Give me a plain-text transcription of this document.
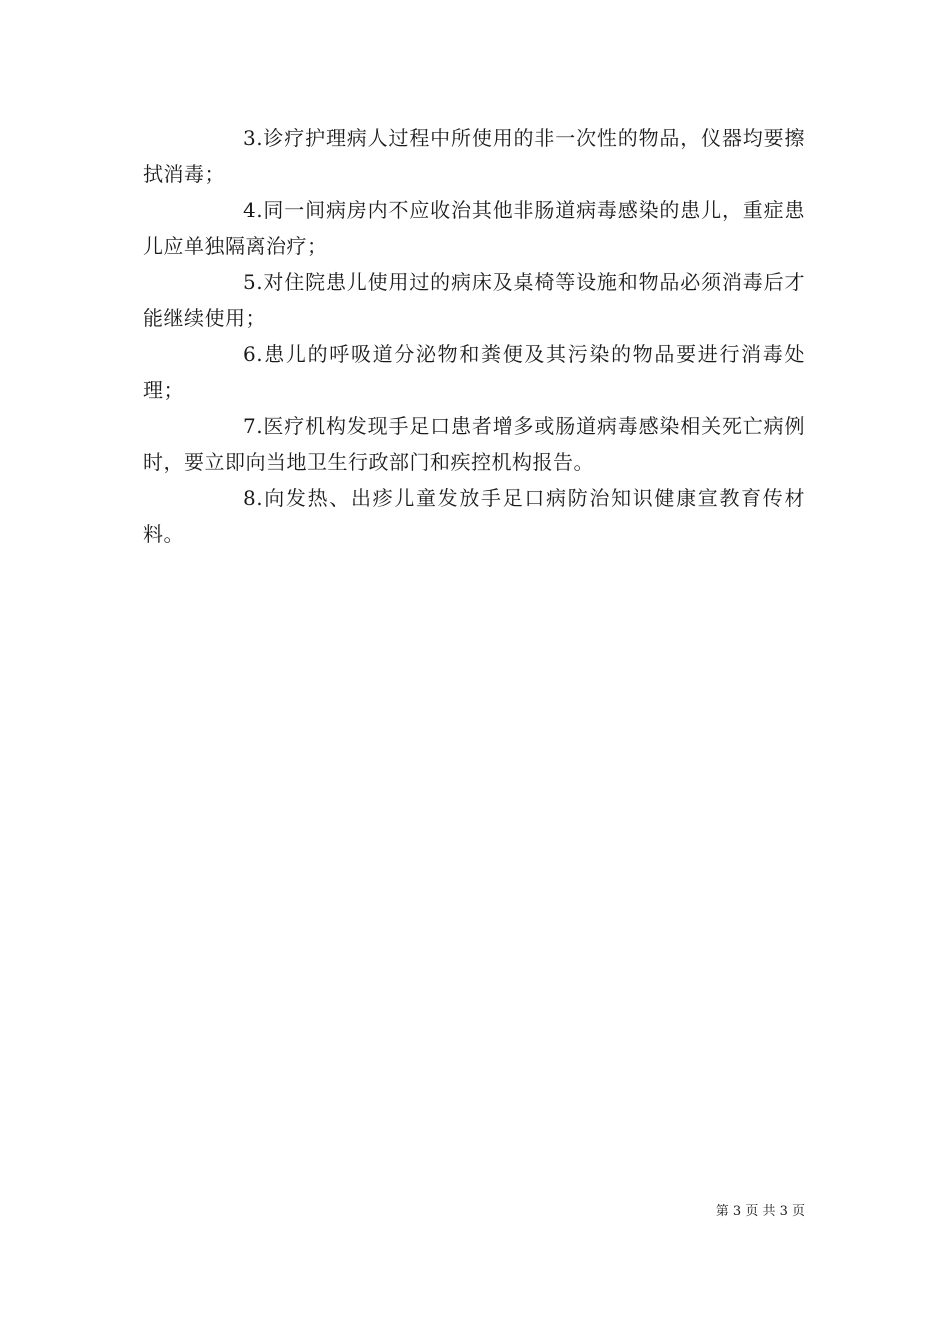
3.诊疗护理病人过程中所使用的非一次性的物品，仪器均要擦拭消毒；

4.同一间病房内不应收治其他非肠道病毒感染的患儿，重症患儿应单独隔离治疗；

5.对住院患儿使用过的病床及桌椅等设施和物品必须消毒后才能继续使用；

6.患儿的呼吸道分泌物和粪便及其污染的物品要进行消毒处理；

7.医疗机构发现手足口患者增多或肠道病毒感染相关死亡病例时，要立即向当地卫生行政部门和疾控机构报告。

8.向发热、出疹儿童发放手足口病防治知识健康宣教育传材料。

第 3 页 共 3 页
